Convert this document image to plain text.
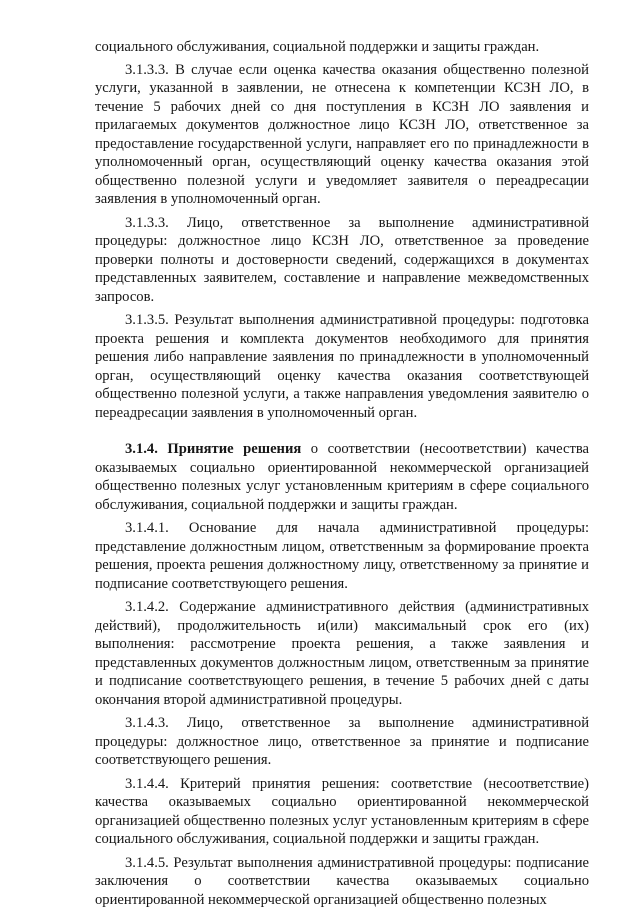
социального обслуживания, социальной поддержки и защиты граждан.

3.1.3.3. В случае если оценка качества оказания общественно полезной услуги, указанной в заявлении, не отнесена к компетенции КСЗН ЛО, в течение 5 рабочих дней со дня поступления в КСЗН ЛО заявления и прилагаемых документов должностное лицо КСЗН ЛО, ответственное за предоставление государственной услуги, направляет его по принадлежности в уполномоченный орган, осуществляющий оценку качества оказания этой общественно полезной услуги и уведомляет заявителя о переадресации заявления в уполномоченный орган.

3.1.3.3. Лицо, ответственное за выполнение административной процедуры: должностное лицо КСЗН ЛО, ответственное за проведение проверки полноты и достоверности сведений, содержащихся в документах представленных заявителем, составление и направление межведомственных запросов.

3.1.3.5. Результат выполнения административной процедуры: подготовка проекта решения и комплекта документов необходимого для принятия решения либо направление заявления по принадлежности в уполномоченный орган, осуществляющий оценку качества оказания соответствующей общественно полезной услуги, а также направления уведомления заявителю о переадресации заявления в уполномоченный орган.

3.1.4. Принятие решения о соответствии (несоответствии) качества оказываемых социально ориентированной некоммерческой организацией общественно полезных услуг установленным критериям в сфере социального обслуживания, социальной поддержки и защиты граждан.

3.1.4.1. Основание для начала административной процедуры: представление должностным лицом, ответственным за формирование проекта решения, проекта решения должностному лицу, ответственному за принятие и подписание соответствующего решения.

3.1.4.2. Содержание административного действия (административных действий), продолжительность и(или) максимальный срок его (их) выполнения: рассмотрение проекта решения, а также заявления и представленных документов должностным лицом, ответственным за принятие и подписание соответствующего решения, в течение 5 рабочих дней с даты окончания второй административной процедуры.

3.1.4.3. Лицо, ответственное за выполнение административной процедуры: должностное лицо, ответственное за принятие и подписание соответствующего решения.

3.1.4.4. Критерий принятия решения: соответствие (несоответствие) качества оказываемых социально ориентированной некоммерческой организацией общественно полезных услуг установленным критериям в сфере социального обслуживания, социальной поддержки и защиты граждан.

3.1.4.5. Результат выполнения административной процедуры: подписание заключения о соответствии качества оказываемых социально ориентированной некоммерческой организацией общественно полезных
